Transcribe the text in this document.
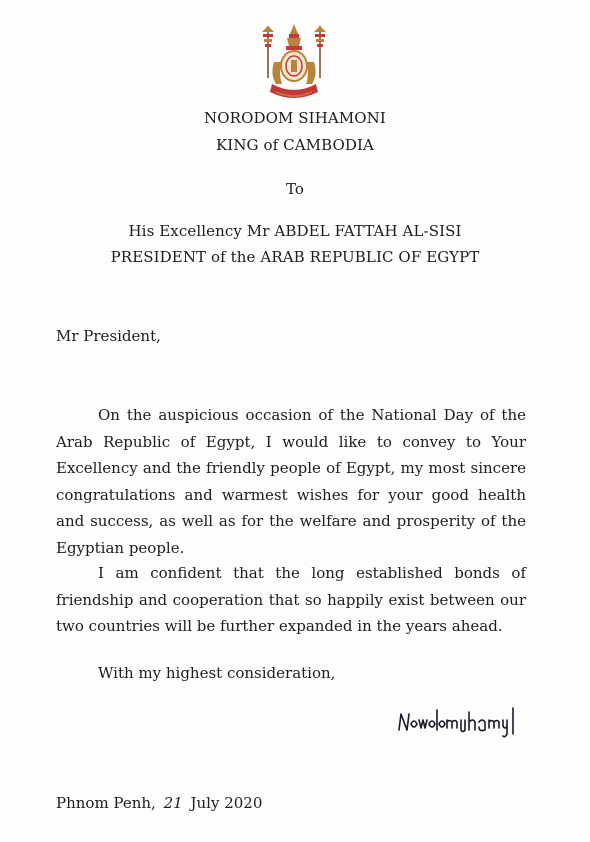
NORODOM SIHAMONI
KING of CAMBODIA
To
His Excellency Mr ABDEL FATTAH AL-SISI
PRESIDENT of the ARAB REPUBLIC OF EGYPT
Mr President,

On the auspicious occasion of the National Day of the Arab Republic of Egypt, I would like to convey to Your Excellency and the friendly people of Egypt, my most sincere congratulations and warmest wishes for your good health and success, as well as for the welfare and prosperity of the Egyptian people.

I am confident that the long established bonds of friendship and cooperation that so happily exist between our two countries will be further expanded in the years ahead.

With my highest consideration,
Phnom Penh, 21 July 2020
